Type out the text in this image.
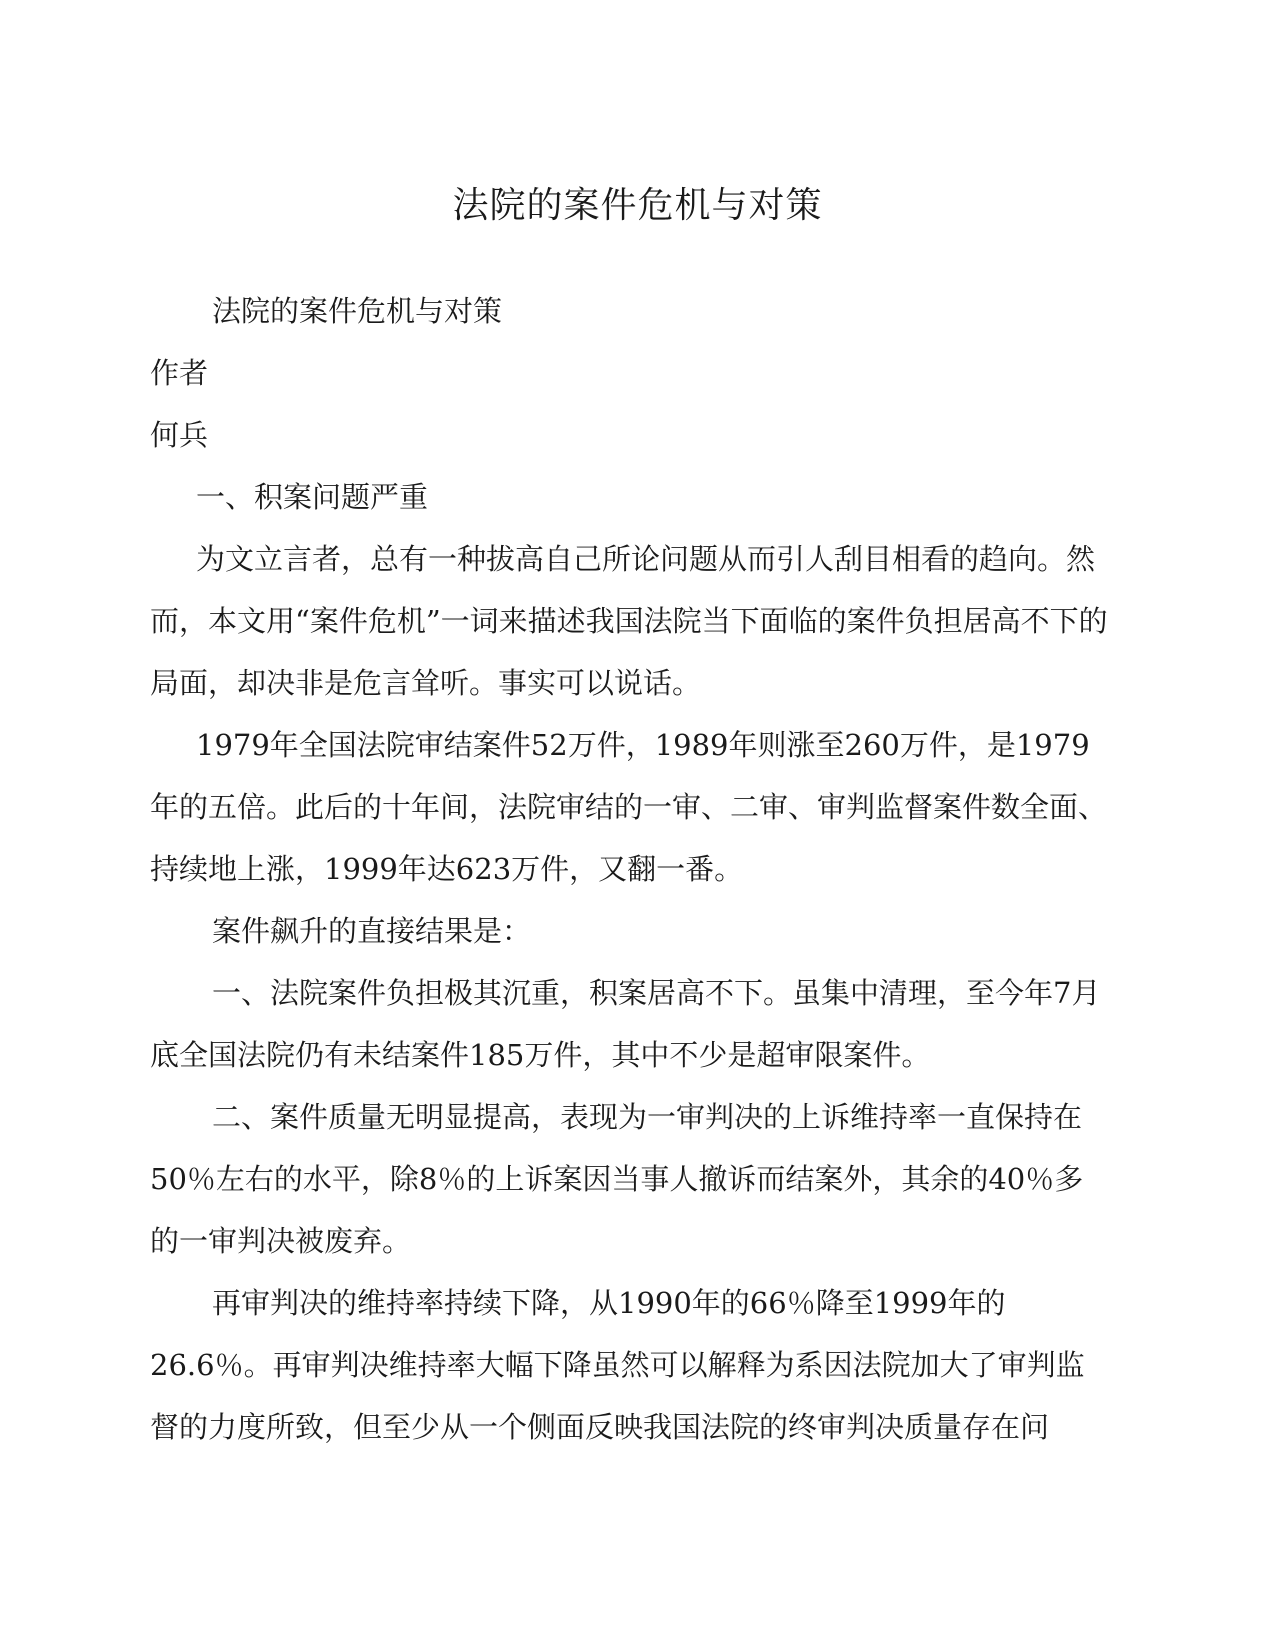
法院的案件危机与对策

法院的案件危机与对策

作者

何兵

一、积案问题严重

为文立言者，总有一种拔高自己所论问题从而引人刮目相看的趋向。然而，本文用“案件危机”一词来描述我国法院当下面临的案件负担居高不下的局面，却决非是危言耸听。事实可以说话。

1979年全国法院审结案件52万件，1989年则涨至260万件，是1979年的五倍。此后的十年间，法院审结的一审、二审、审判监督案件数全面、持续地上涨，1999年达623万件，又翻一番。

案件飙升的直接结果是：

一、法院案件负担极其沉重，积案居高不下。虽集中清理，至今年7月底全国法院仍有未结案件185万件，其中不少是超审限案件。

二、案件质量无明显提高，表现为一审判决的上诉维持率一直保持在50％左右的水平，除8％的上诉案因当事人撤诉而结案外，其余的40％多的一审判决被废弃。

再审判决的维持率持续下降，从1990年的66％降至1999年的26.6％。再审判决维持率大幅下降虽然可以解释为系因法院加大了审判监督的力度所致，但至少从一个侧面反映我国法院的终审判决质量存在问
